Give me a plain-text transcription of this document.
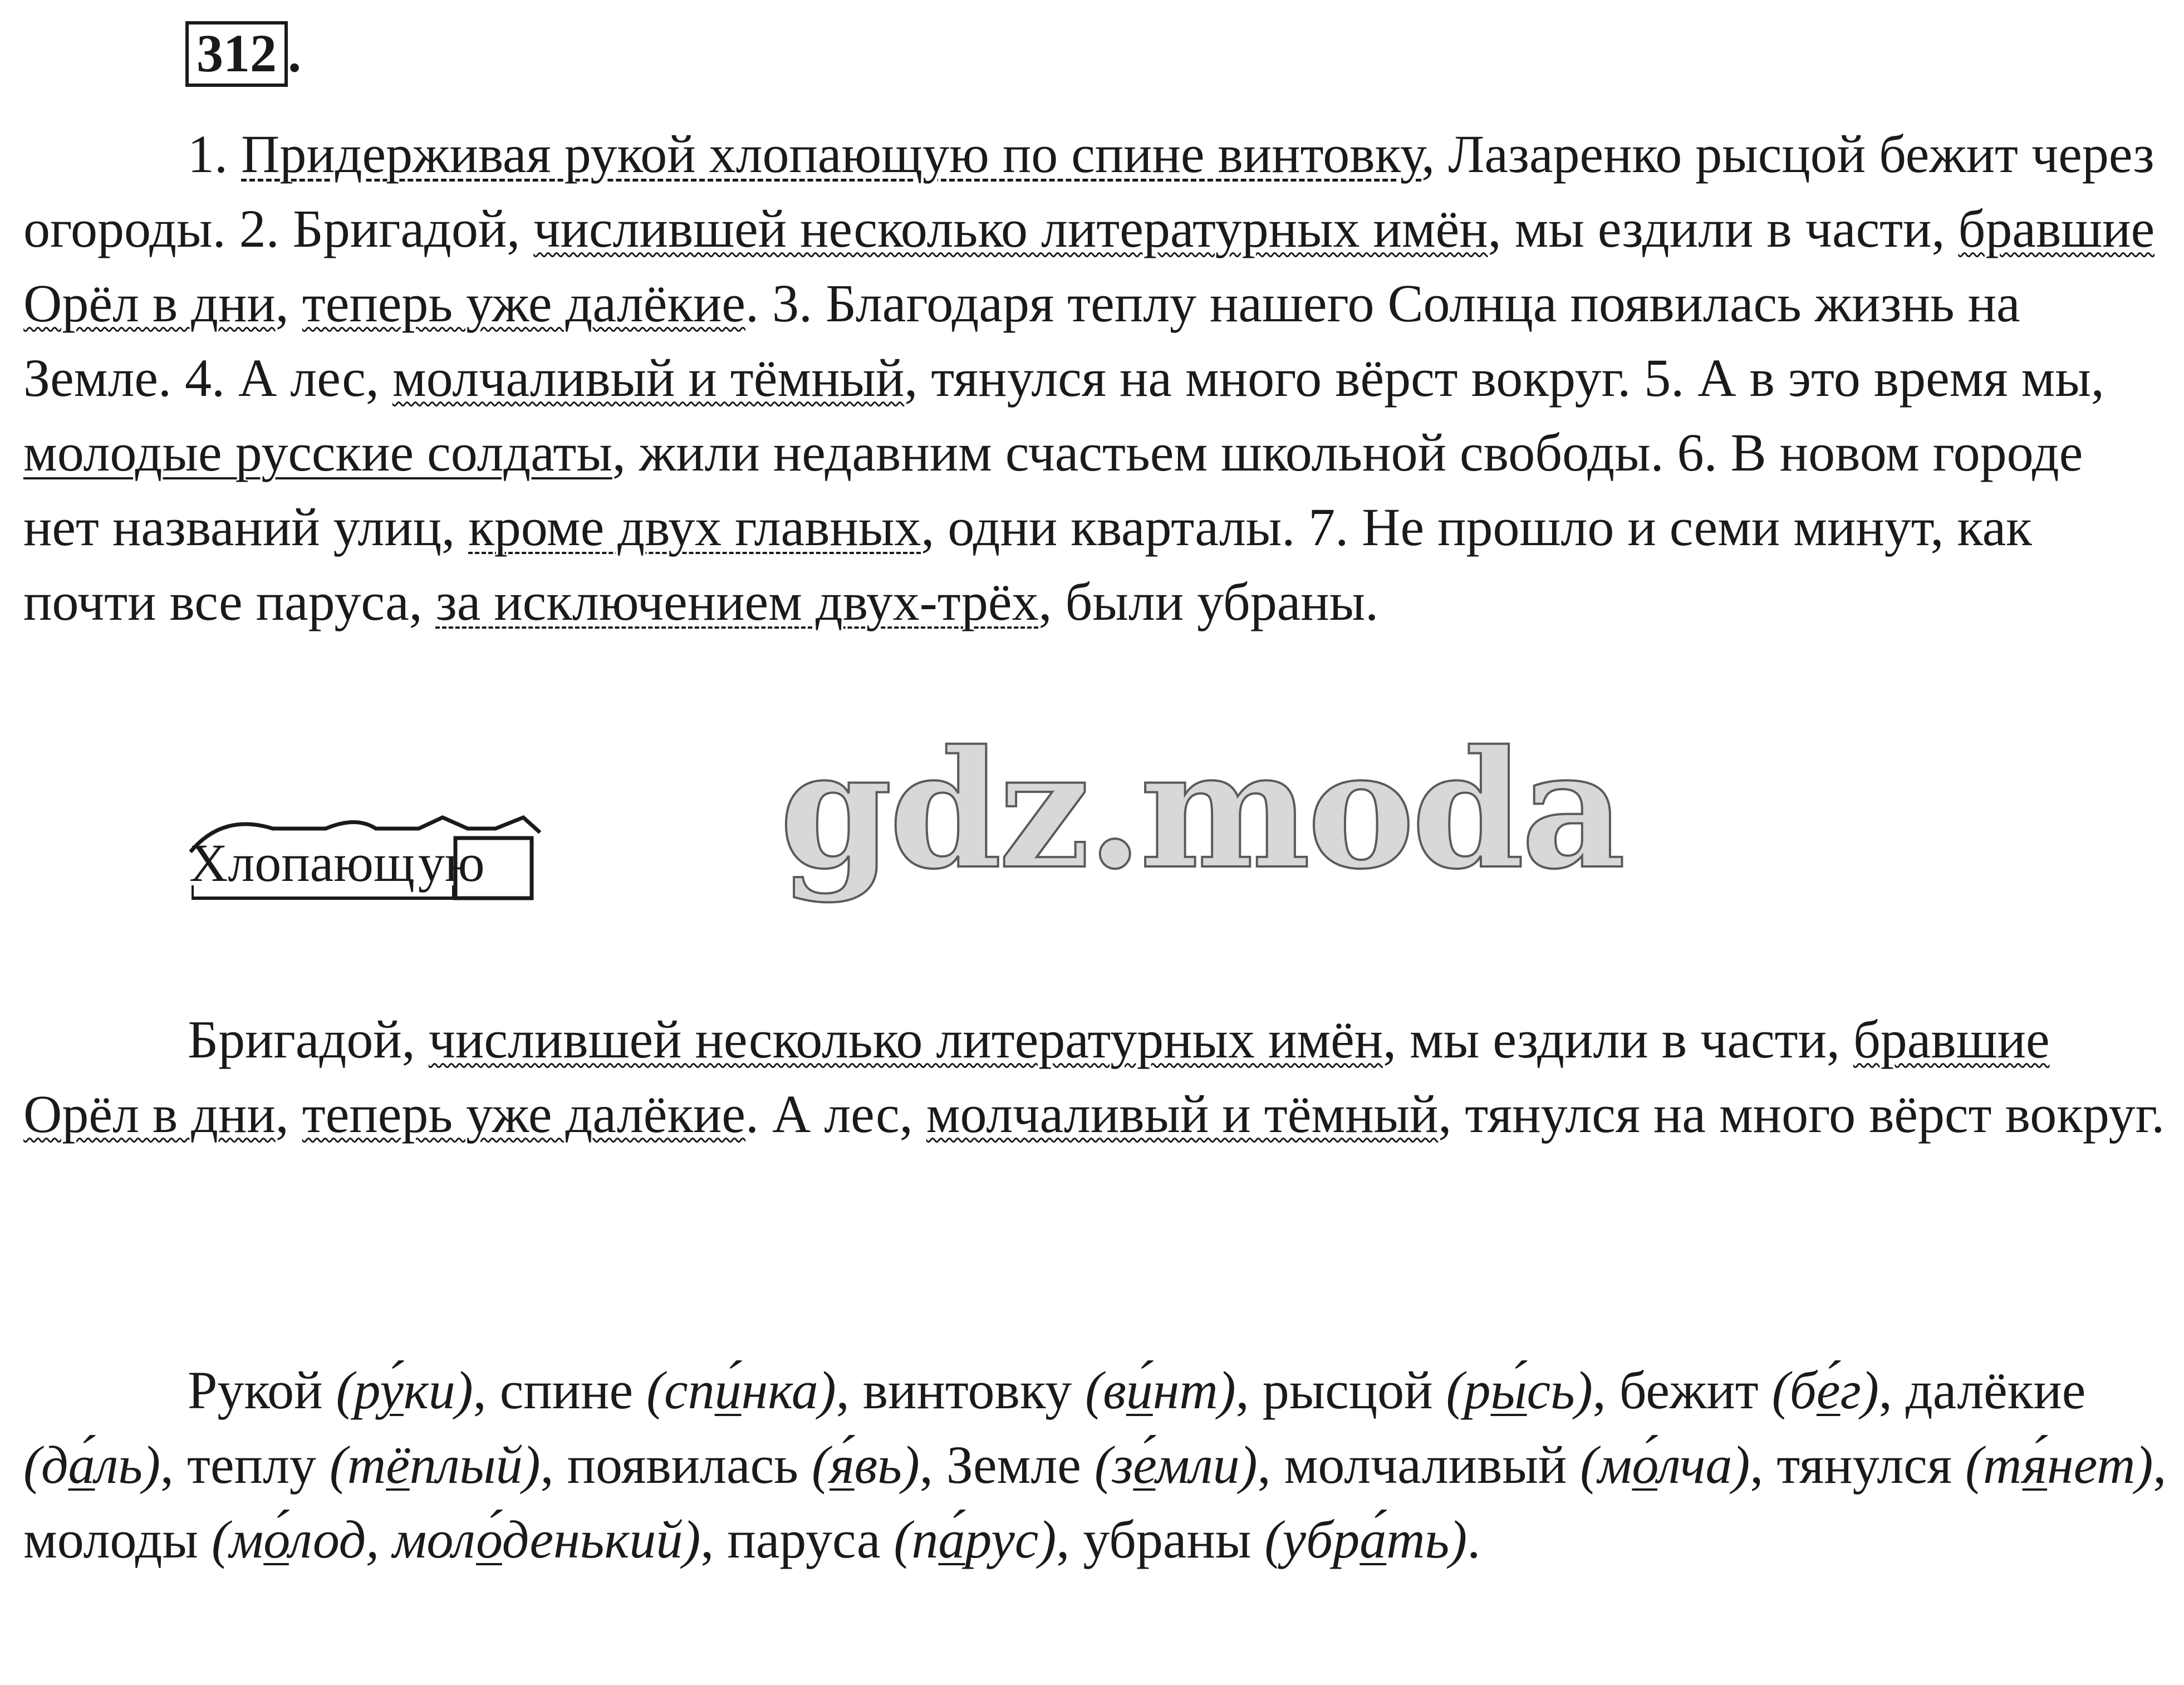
312 .

1. Придерживая рукой хлопающую по спине винтовку, Лазаренко рысцой бежит через огороды. 2. Бригадой, числившей несколько литературных имён, мы ездили в части, бравшие Орёл в дни, теперь уже далёкие. 3. Благодаря теплу нашего Солнца появилась жизнь на Земле. 4. А лес, молчаливый и тёмный, тянулся на много вёрст вокруг. 5. А в это время мы, молодые русские солдаты, жили недавним счастьем школьной свободы. 6. В новом городе нет названий улиц, кроме двух главных, одни кварталы. 7. Не прошло и семи минут, как почти все паруса, за исключением двух-трёх, были убраны.

Хлопающую gdz.moda

Бригадой, числившей несколько литературных имён, мы ездили в части, бравшие Орёл в дни, теперь уже далёкие. А лес, молчаливый и тёмный, тянулся на много вёрст вокруг.

Рукой (ру́ки), спине (спи́нка), винтовку (ви́нт), рысцой (ры́сь), бежит (бе́г), далёкие (да́ль), теплу (тёплый), появилась (я́вь), Земле (зе́мли), молчаливый (мо́лча), тянулся (тя́нет), молоды (мо́лод, моло́денький), паруса (па́рус), убраны (убра́ть).
